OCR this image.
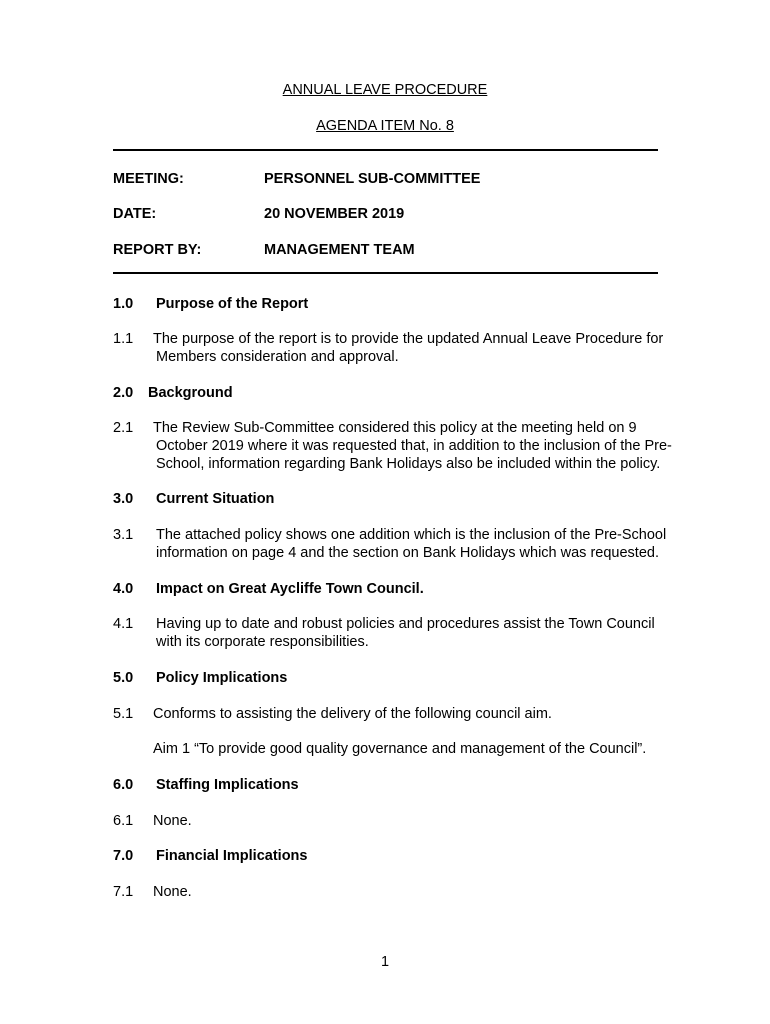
ANNUAL LEAVE PROCEDURE
AGENDA ITEM No. 8
MEETING:	PERSONNEL SUB-COMMITTEE
DATE:	20 NOVEMBER 2019
REPORT BY:	MANAGEMENT TEAM
1.0 Purpose of the Report
1.1 The purpose of the report is to provide the updated Annual Leave Procedure for
Members consideration and approval.
2.0 Background
2.1 The Review Sub-Committee considered this policy at the meeting held on 9
October 2019 where it was requested that, in addition to the inclusion of the Pre-
School, information regarding Bank Holidays also be included within the policy.
3.0 Current Situation
3.1 The attached policy shows one addition which is the inclusion of the Pre-School
information on page 4 and the section on Bank Holidays which was requested.
4.0 Impact on Great Aycliffe Town Council.
4.1 Having up to date and robust policies and procedures assist the Town Council
with its corporate responsibilities.
5.0 Policy Implications
5.1 Conforms to assisting the delivery of the following council aim.
Aim 1 “To provide good quality governance and management of the Council”.
6.0 Staffing Implications
6.1 None.
7.0 Financial Implications
7.1 None.
1
